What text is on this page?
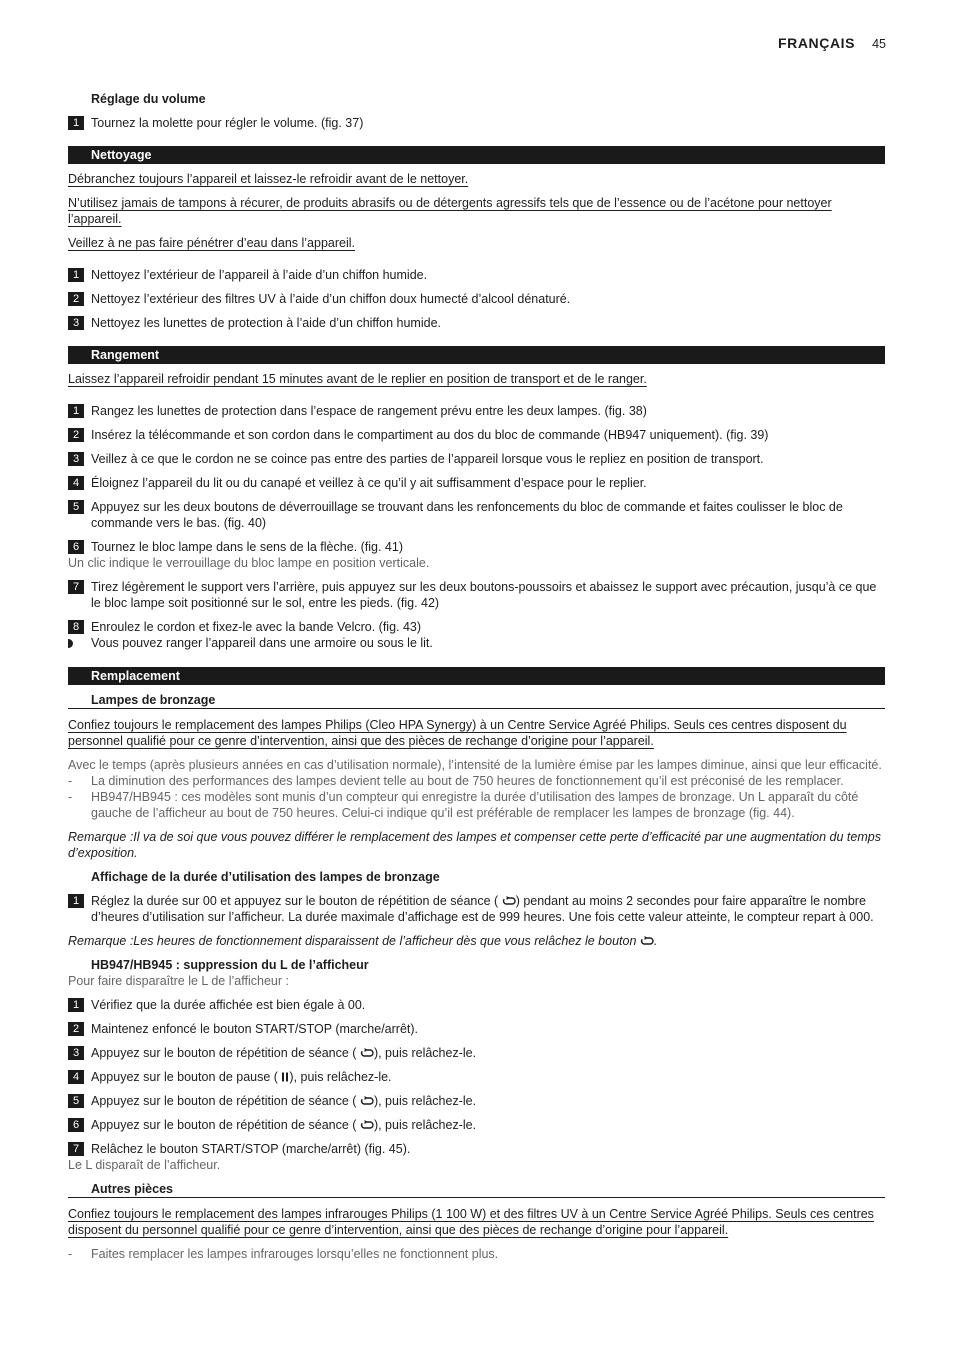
FRANÇAIS 45
Réglage du volume
1 Tournez la molette pour régler le volume. (fig. 37)
Nettoyage
Débranchez toujours l’appareil et laissez-le refroidir avant de le nettoyer.
N’utilisez jamais de tampons à récurer, de produits abrasifs ou de détergents agressifs tels que de l’essence ou de l’acétone pour nettoyer l’appareil.
Veillez à ne pas faire pénétrer d’eau dans l’appareil.
1 Nettoyez l’extérieur de l’appareil à l’aide d’un chiffon humide.
2 Nettoyez l’extérieur des filtres UV à l’aide d’un chiffon doux humecté d’alcool dénaturé.
3 Nettoyez les lunettes de protection à l’aide d’un chiffon humide.
Rangement
Laissez l’appareil refroidir pendant 15 minutes avant de le replier en position de transport et de le ranger.
1 Rangez les lunettes de protection dans l’espace de rangement prévu entre les deux lampes. (fig. 38)
2 Insérez la télécommande et son cordon dans le compartiment au dos du bloc de commande (HB947 uniquement). (fig. 39)
3 Veillez à ce que le cordon ne se coince pas entre des parties de l’appareil lorsque vous le repliez en position de transport.
4 Éloignez l’appareil du lit ou du canapé et veillez à ce qu’il y ait suffisamment d’espace pour le replier.
5 Appuyez sur les deux boutons de déverrouillage se trouvant dans les renfoncements du bloc de commande et faites coulisser le bloc de commande vers le bas. (fig. 40)
6 Tournez le bloc lampe dans le sens de la flèche. (fig. 41)
Un clic indique le verrouillage du bloc lampe en position verticale.
7 Tirez légèrement le support vers l’arrière, puis appuyez sur les deux boutons-poussoirs et abaissez le support avec précaution, jusqu’à ce que le bloc lampe soit positionné sur le sol, entre les pieds. (fig. 42)
8 Enroulez le cordon et fixez-le avec la bande Velcro. (fig. 43)
Vous pouvez ranger l’appareil dans une armoire ou sous le lit.
Remplacement
Lampes de bronzage
Confiez toujours le remplacement des lampes Philips (Cleo HPA Synergy) à un Centre Service Agréé Philips. Seuls ces centres disposent du personnel qualifié pour ce genre d’intervention, ainsi que des pièces de rechange d’origine pour l’appareil.
Avec le temps (après plusieurs années en cas d’utilisation normale), l’intensité de la lumière émise par les lampes diminue, ainsi que leur efficacité.
-	La diminution des performances des lampes devient telle au bout de 750 heures de fonctionnement qu’il est préconisé de les remplacer.
-	HB947/HB945 : ces modèles sont munis d’un compteur qui enregistre la durée d’utilisation des lampes de bronzage. Un L apparaît du côté gauche de l’afficheur au bout de 750 heures. Celui-ci indique qu’il est préférable de remplacer les lampes de bronzage (fig. 44).
Remarque :Il va de soi que vous pouvez différer le remplacement des lampes et compenser cette perte d’efficacité par une augmentation du temps d’exposition.
Affichage de la durée d’utilisation des lampes de bronzage
1 Réglez la durée sur 00 et appuyez sur le bouton de répétition de séance ( ) pendant au moins 2 secondes pour faire apparaître le nombre d’heures d’utilisation sur l’afficheur. La durée maximale d’affichage est de 999 heures. Une fois cette valeur atteinte, le compteur repart à 000.
Remarque :Les heures de fonctionnement disparaissent de l’afficheur dès que vous relâchez le bouton .
HB947/HB945 : suppression du L de l’afficheur
Pour faire disparaître le L de l’afficheur :
1 Vérifiez que la durée affichée est bien égale à 00.
2 Maintenez enfoncé le bouton START/STOP (marche/arrêt).
3 Appuyez sur le bouton de répétition de séance ( ), puis relâchez-le.
4 Appuyez sur le bouton de pause ( ), puis relâchez-le.
5 Appuyez sur le bouton de répétition de séance ( ), puis relâchez-le.
6 Appuyez sur le bouton de répétition de séance ( ), puis relâchez-le.
7 Relâchez le bouton START/STOP (marche/arrêt) (fig. 45).
Le L disparaît de l’afficheur.
Autres pièces
Confiez toujours le remplacement des lampes infrarouges Philips (1 100 W) et des filtres UV à un Centre Service Agréé Philips. Seuls ces centres disposent du personnel qualifié pour ce genre d’intervention, ainsi que des pièces de rechange d’origine pour l’appareil.
-	Faites remplacer les lampes infrarouges lorsqu’elles ne fonctionnent plus.
